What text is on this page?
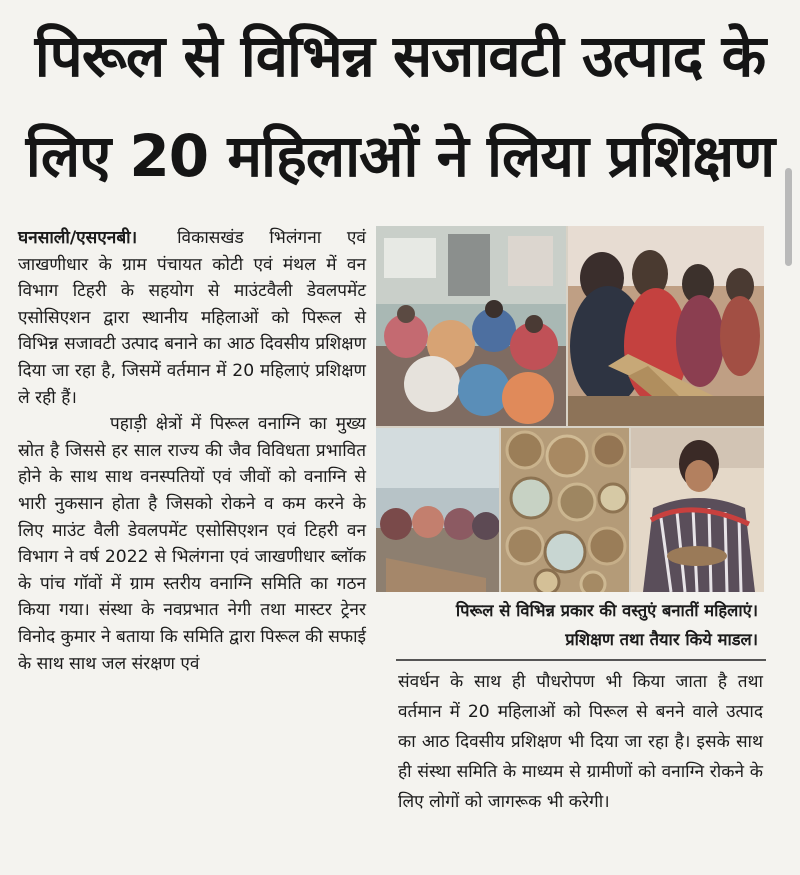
पिरूल से विभिन्न सजावटी उत्पाद के
लिए 20 महिलाओं ने लिया प्रशिक्षण

घनसाली/एसएनबी। विकासखंड भिलंगना एवं जाखणीधार के ग्राम पंचायत कोटी एवं मंथल में वन विभाग टिहरी के सहयोग से माउंटवैली डेवलपमेंट एसोसिएशन द्वारा स्थानीय महिलाओं को पिरूल से विभिन्न सजावटी उत्पाद बनाने का आठ दिवसीय प्रशिक्षण दिया जा रहा है, जिसमें वर्तमान में 20 महिलाएं प्रशिक्षण ले रही हैं।

पहाड़ी क्षेत्रों में पिरूल वनाग्नि का मुख्य स्रोत है जिससे हर साल राज्य की जैव विविधता प्रभावित होने के साथ साथ वनस्पतियों एवं जीवों को वनाग्नि से भारी नुकसान होता है जिसको रोकने व कम करने के लिए माउंट वैली डेवलपमेंट एसोसिएशन एवं टिहरी वन विभाग ने वर्ष 2022 से भिलंगना एवं जाखणीधार ब्लॉक के पांच गॉवों में ग्राम स्तरीय वनाग्नि समिति का गठन किया गया। संस्था के नवप्रभात नेगी तथा मास्टर ट्रेनर विनोद कुमार ने बताया कि समिति द्वारा पिरूल की सफाई के साथ साथ जल संरक्षण एवं

पिरूल से विभिन्न प्रकार की वस्तुएं बनातीं महिलाएं।
प्रशिक्षण तथा तैयार किये माडल।

संवर्धन के साथ ही पौधरोपण भी किया जाता है तथा वर्तमान में 20 महिलाओं को पिरूल से बनने वाले उत्पाद का आठ दिवसीय प्रशिक्षण भी दिया जा रहा है। इसके साथ ही संस्था समिति के माध्यम से ग्रामीणों को वनाग्नि रोकने के लिए लोगों को जागरूक भी करेगी।
